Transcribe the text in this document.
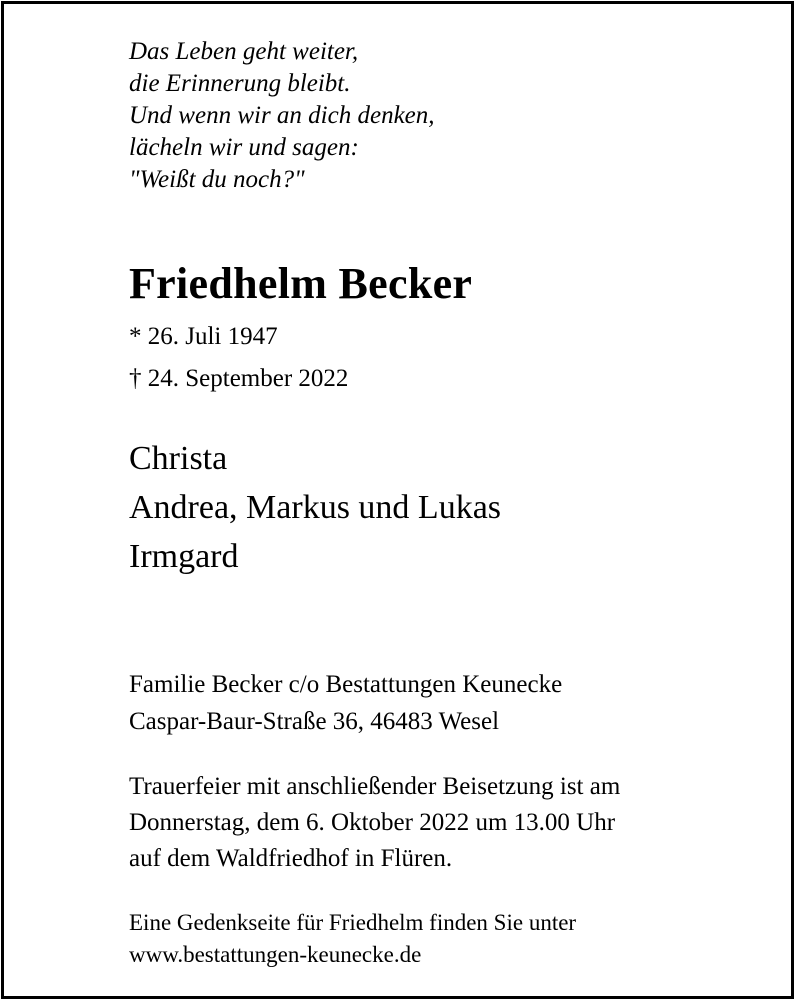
Das Leben geht weiter,
die Erinnerung bleibt.
Und wenn wir an dich denken,
lächeln wir und sagen:
"Weißt du noch?"
Friedhelm Becker
* 26. Juli 1947
† 24. September 2022
Christa
Andrea, Markus und Lukas
Irmgard
Familie Becker c/o Bestattungen Keunecke
Caspar-Baur-Straße 36, 46483 Wesel
Trauerfeier mit anschließender Beisetzung ist am
Donnerstag, dem 6. Oktober 2022 um 13.00 Uhr
auf dem Waldfriedhof in Flüren.
Eine Gedenkseite für Friedhelm finden Sie unter
www.bestattungen-keunecke.de
